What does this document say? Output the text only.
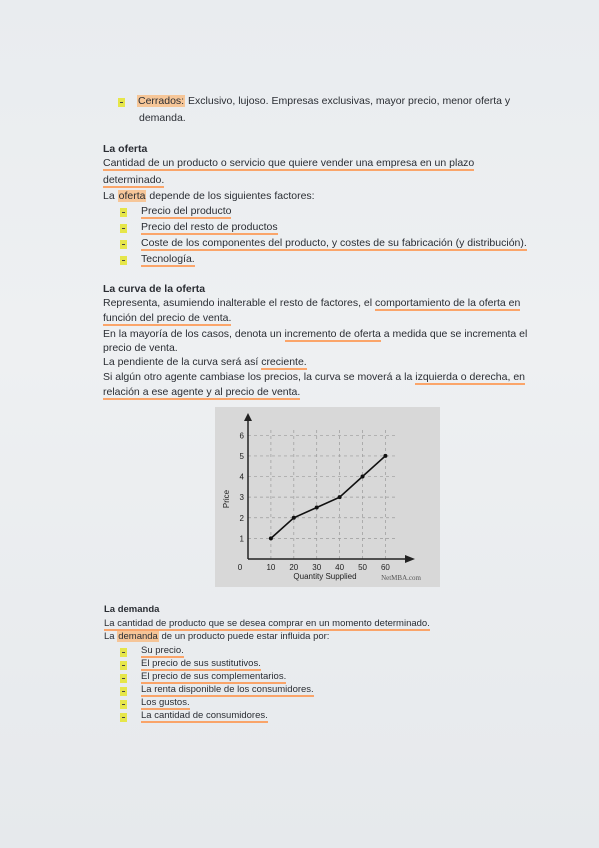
Cerrados: Exclusivo, lujoso. Empresas exclusivas, mayor precio, menor oferta y
demanda.
La oferta
Cantidad de un producto o servicio que quiere vender una empresa en un plazo
determinado.
La oferta depende de los siguientes factores:
Precio del producto
Precio del resto de productos
Coste de los componentes del producto, y costes de su fabricación (y distribución).
Tecnología.
La curva de la oferta
Representa, asumiendo inalterable el resto de factores, el comportamiento de la oferta en
función del precio de venta.
En la mayoría de los casos, denota un incremento de oferta a medida que se incrementa el
precio de venta.
La pendiente de la curva será así creciente.
Si algún otro agente cambiase los precios, la curva se moverá a la izquierda o derecha, en
relación a ese agente y al precio de venta.
0	10 20 30 40 50 60
1
2
3
4
5
6
Price
Quantity Supplied	NetMBA.com
La demanda
La cantidad de producto que se desea comprar en un momento determinado.
La demanda de un producto puede estar influida por:
Su precio.
El precio de sus sustitutivos.
El precio de sus complementarios.
La renta disponible de los consumidores.
Los gustos.
La cantidad de consumidores.
